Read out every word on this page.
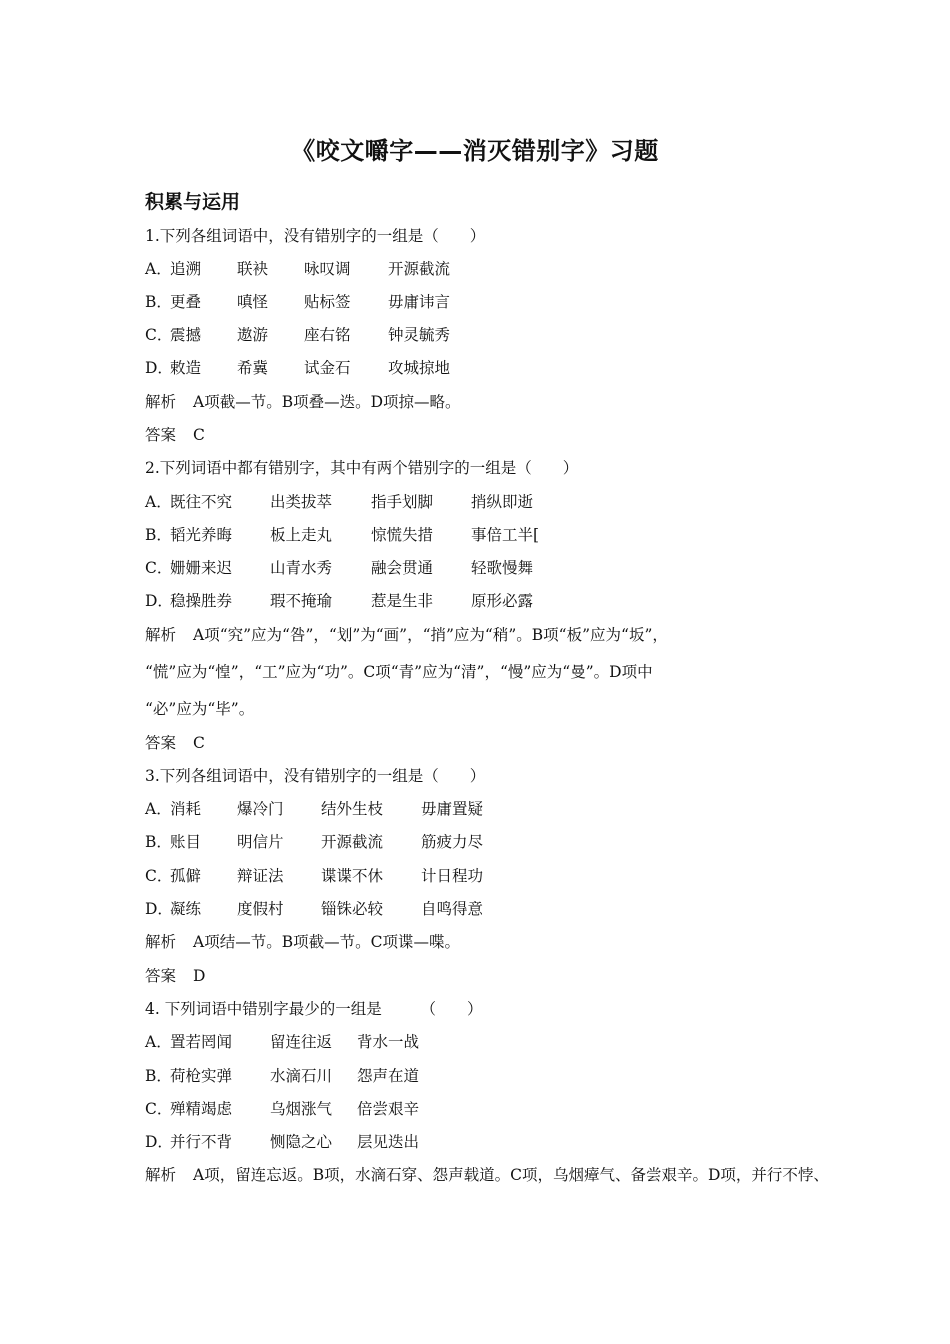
《咬文嚼字——消灭错别字》习题
积累与运用
1.下列各组词语中，没有错别字的一组是（　　）
A．
追溯 联袂 咏叹调 开源截流
B．
更叠 嗔怪 贴标签 毋庸讳言
C．
震撼 遨游 座右铭 钟灵毓秀
D．
敕造 希冀 试金石 攻城掠地
解析 A项截—节。B项叠—迭。D项掠—略。
答案 C
2.下列词语中都有错别字，其中有两个错别字的一组是（　　）
A．
既往不究 出类拔萃	指手划脚 捎纵即逝
B．
韬光养晦 板上走丸	惊慌失措 事倍工半[
C．
姗姗来迟 山青水秀	融会贯通 轻歌慢舞
D．
稳操胜券 瑕不掩瑜	惹是生非 原形必露
解析 A项“究”应为“咎”，“划”为“画”，“捎”应为“稍”。B项“板”应为“坂”，
“慌”应为“惶”，“工”应为“功”。C项“青”应为“清”，“慢”应为“曼”。D项中
“必”应为“毕”。
答案 C
3.下列各组词语中，没有错别字的一组是（　　）
A．
消耗 爆冷门 结外生枝 毋庸置疑
B．
账目 明信片 开源截流 筋疲力尽
C．
孤僻 辩证法 谍谍不休 计日程功
D．
凝练 度假村 锱铢必较 自鸣得意
解析 A项结—节。B项截—节。C项谍—喋。
答案 D
4. 下列词语中错别字最少的一组是　　　（　　）
A．
置若罔闻 留连往返 背水一战
B．
荷枪实弹 水滴石川 怨声在道
C．
殚精竭虑 乌烟涨气 倍尝艰辛
D．
并行不背 恻隐之心 层见迭出
解析 A项，留连忘返。B项，水滴石穿、怨声载道。C项，乌烟瘴气、备尝艰辛。D项，并行不悖、
